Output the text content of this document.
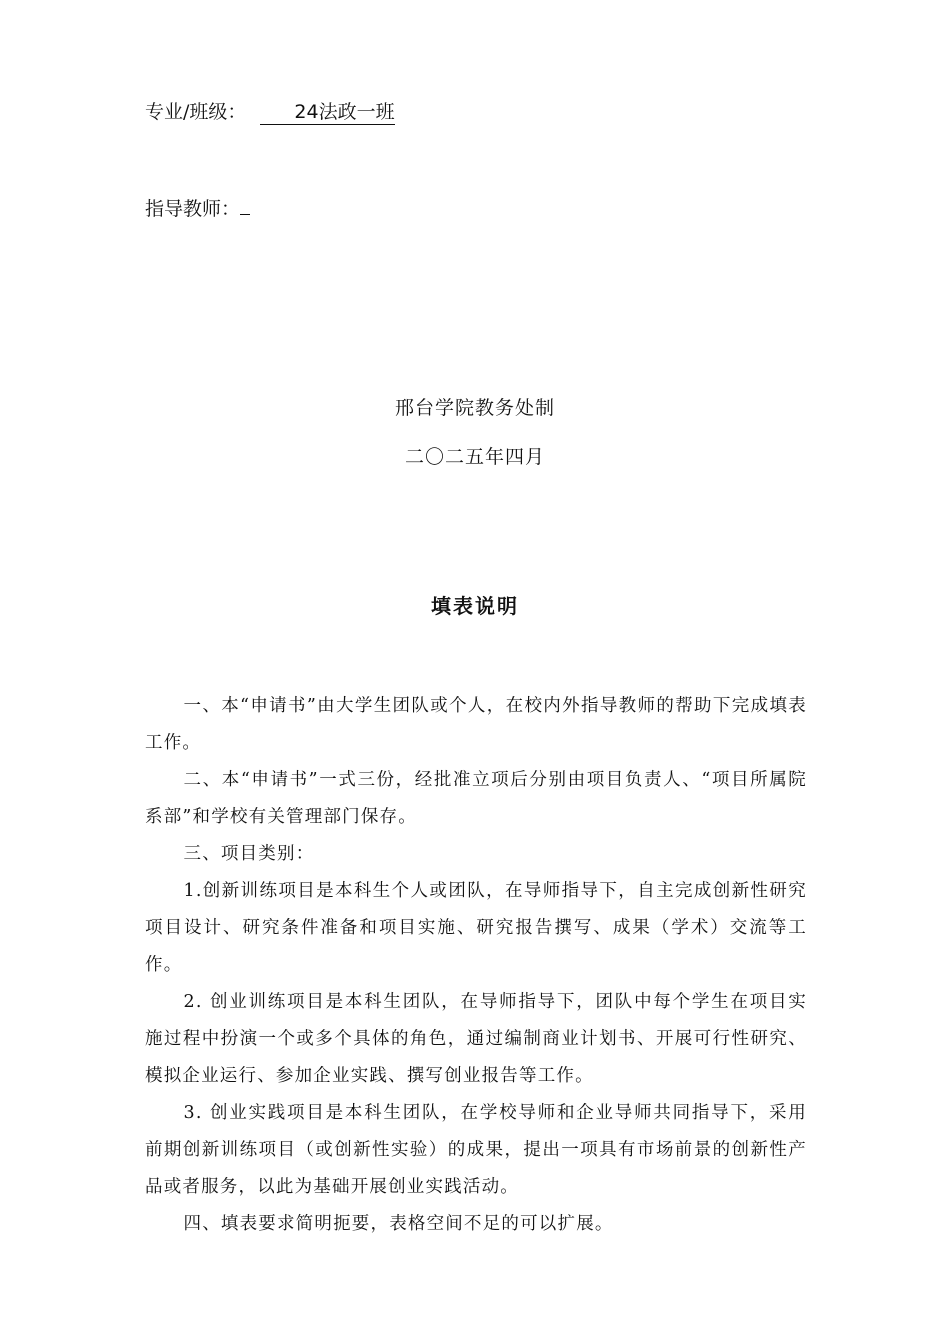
专业/班级：	24法政一班
指导教师：
邢台学院教务处制
二〇二五年四月
填表说明

一、本“申请书”由大学生团队或个人，在校内外指导教师的帮助下完成填表工作。

二、本“申请书”一式三份，经批准立项后分别由项目负责人、“项目所属院系部”和学校有关管理部门保存。

三、项目类别：

1.创新训练项目是本科生个人或团队，在导师指导下，自主完成创新性研究项目设计、研究条件准备和项目实施、研究报告撰写、成果（学术）交流等工作。

2. 创业训练项目是本科生团队，在导师指导下，团队中每个学生在项目实施过程中扮演一个或多个具体的角色，通过编制商业计划书、开展可行性研究、模拟企业运行、参加企业实践、撰写创业报告等工作。

3. 创业实践项目是本科生团队，在学校导师和企业导师共同指导下，采用前期创新训练项目（或创新性实验）的成果，提出一项具有市场前景的创新性产品或者服务，以此为基础开展创业实践活动。

四、填表要求简明扼要，表格空间不足的可以扩展。
